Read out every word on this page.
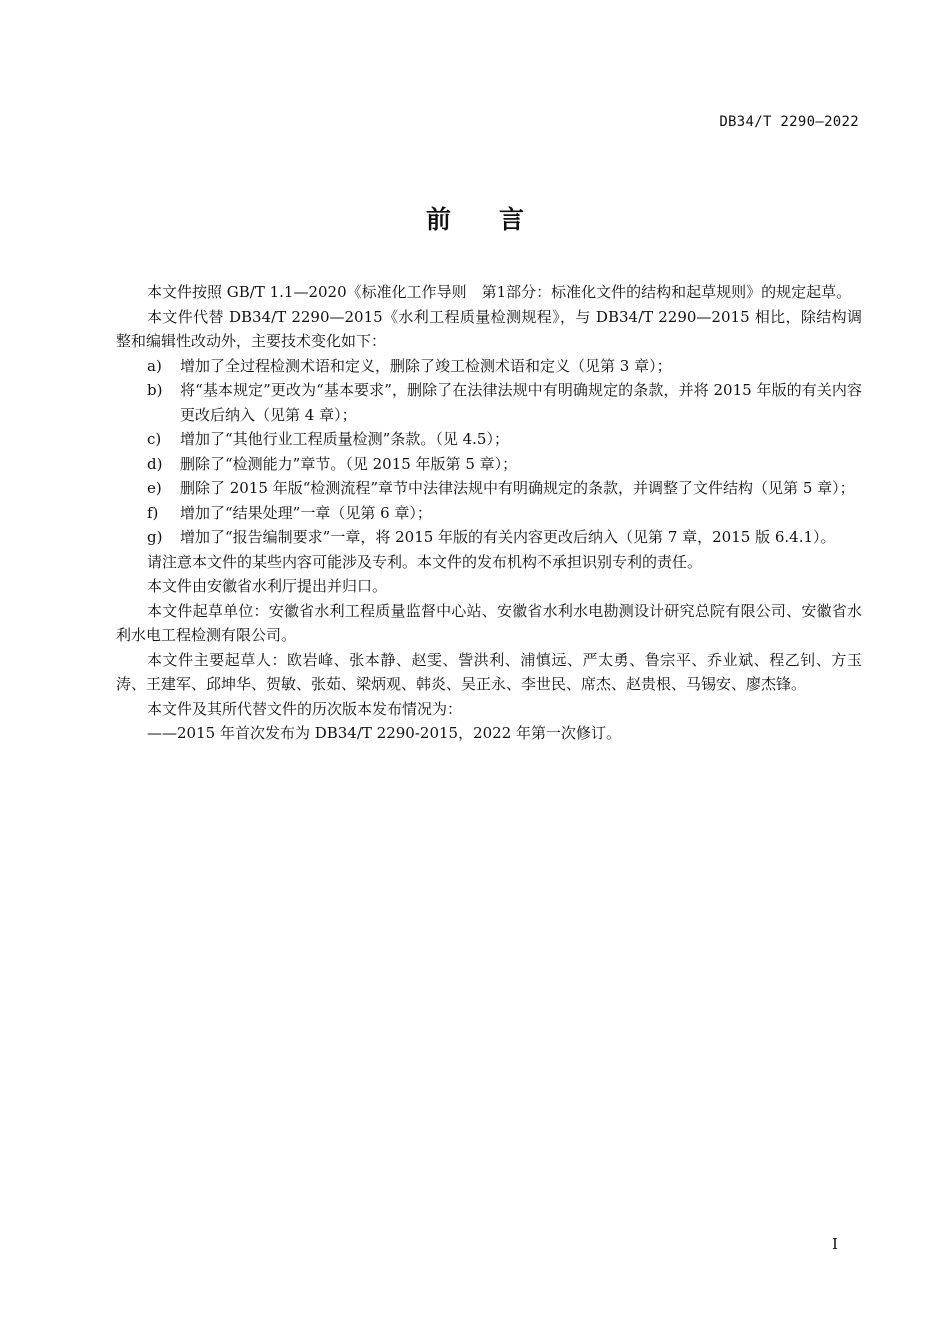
DB34/T 2290—2022
前言

本文件按照 GB/T 1.1—2020《标准化工作导则　第1部分：标准化文件的结构和起草规则》的规定起草。

本文件代替 DB34/T 2290—2015《水利工程质量检测规程》，与 DB34/T 2290—2015 相比，除结构调整和编辑性改动外，主要技术变化如下：

a) 增加了全过程检测术语和定义，删除了竣工检测术语和定义（见第 3 章）；

b) 将“基本规定”更改为“基本要求”，删除了在法律法规中有明确规定的条款，并将 2015 年版的有关内容更改后纳入（见第 4 章）；

c) 增加了“其他行业工程质量检测”条款。（见 4.5）；

d) 删除了“检测能力”章节。（见 2015 年版第 5 章）；

e) 删除了 2015 年版“检测流程”章节中法律法规中有明确规定的条款，并调整了文件结构（见第 5 章）；

f) 增加了“结果处理”一章（见第 6 章）；

g) 增加了“报告编制要求”一章，将 2015 年版的有关内容更改后纳入（见第 7 章，2015 版 6.4.1）。

请注意本文件的某些内容可能涉及专利。本文件的发布机构不承担识别专利的责任。

本文件由安徽省水利厅提出并归口。

本文件起草单位：安徽省水利工程质量监督中心站、安徽省水利水电勘测设计研究总院有限公司、安徽省水利水电工程检测有限公司。

本文件主要起草人：欧岩峰、张本静、赵雯、訾洪利、浦慎远、严太勇、鲁宗平、乔业斌、程乙钊、方玉涛、王建军、邱坤华、贺敏、张茹、梁炳观、韩炎、吴正永、李世民、席杰、赵贵根、马锡安、廖杰锋。

本文件及其所代替文件的历次版本发布情况为：

——2015 年首次发布为 DB34/T 2290-2015，2022 年第一次修订。

I
